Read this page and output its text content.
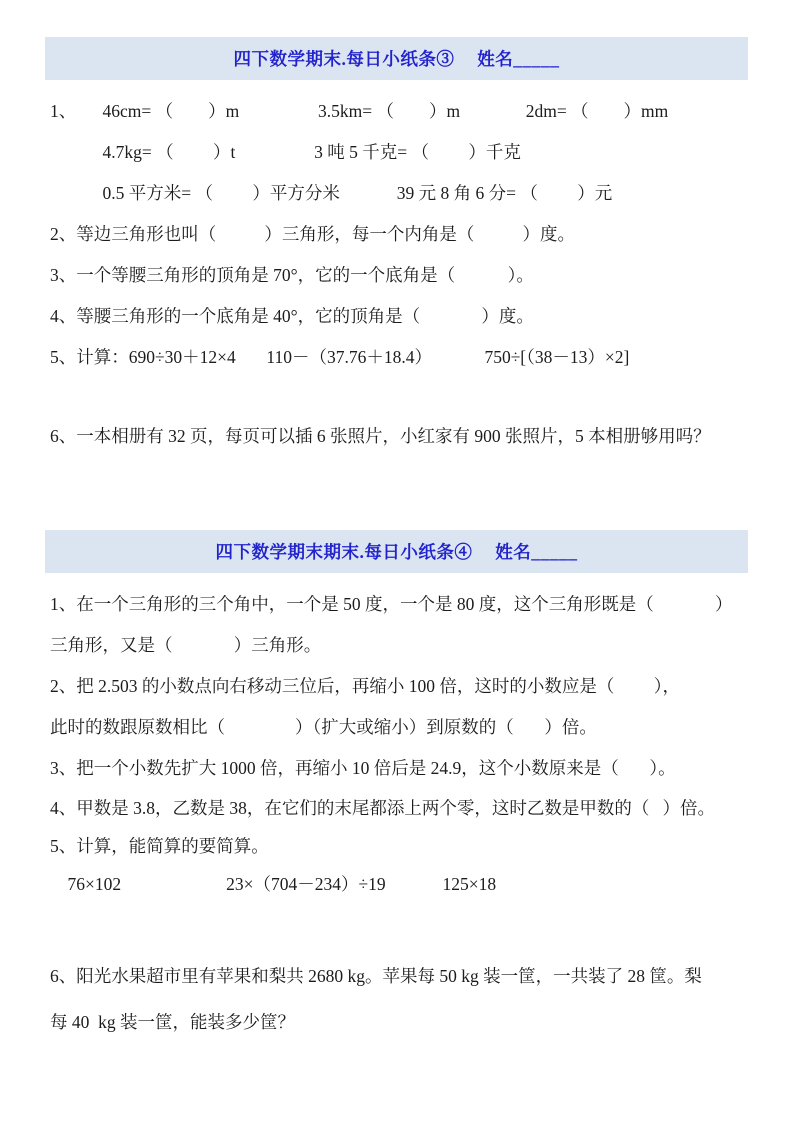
四下数学期末.每日小纸条③　 姓名_____
1、      46cm= （        ）m                  3.5km= （        ）m               2dm= （        ）mm
4.7kg= （         ）t                  3 吨 5 千克= （         ）千克
0.5 平方米= （         ）平方分米             39 元 8 角 6 分= （         ）元
2、等边三角形也叫（           ）三角形，每一个内角是（           ）度。
3、一个等腰三角形的顶角是 70°，它的一个底角是（            ）。
4、等腰三角形的一个底角是 40°，它的顶角是（              ）度。
5、计算：690÷30＋12×4       110－（37.76＋18.4）            750÷[（38－13）×2]
6、一本相册有 32 页，每页可以插 6 张照片，小红家有 900 张照片，5 本相册够用吗？
四下数学期末期末.每日小纸条④　 姓名_____
1、在一个三角形的三个角中，一个是 50 度，一个是 80 度，这个三角形既是（              ）
三角形，又是（              ）三角形。
2、把 2.503 的小数点向右移动三位后，再缩小 100 倍，这时的小数应是（         ），
此时的数跟原数相比（                ）（扩大或缩小）到原数的（       ）倍。
3、把一个小数先扩大 1000 倍，再缩小 10 倍后是 24.9，这个小数原来是（       ）。
4、甲数是 3.8，乙数是 38，在它们的末尾都添上两个零，这时乙数是甲数的（   ）倍。
5、计算，能简算的要简算。
76×102                        23×（704－234）÷19             125×18
6、阳光水果超市里有苹果和梨共 2680 kg。苹果每 50 kg 装一筐，一共装了 28 筐。梨
每 40  kg 装一筐，能装多少筐？
